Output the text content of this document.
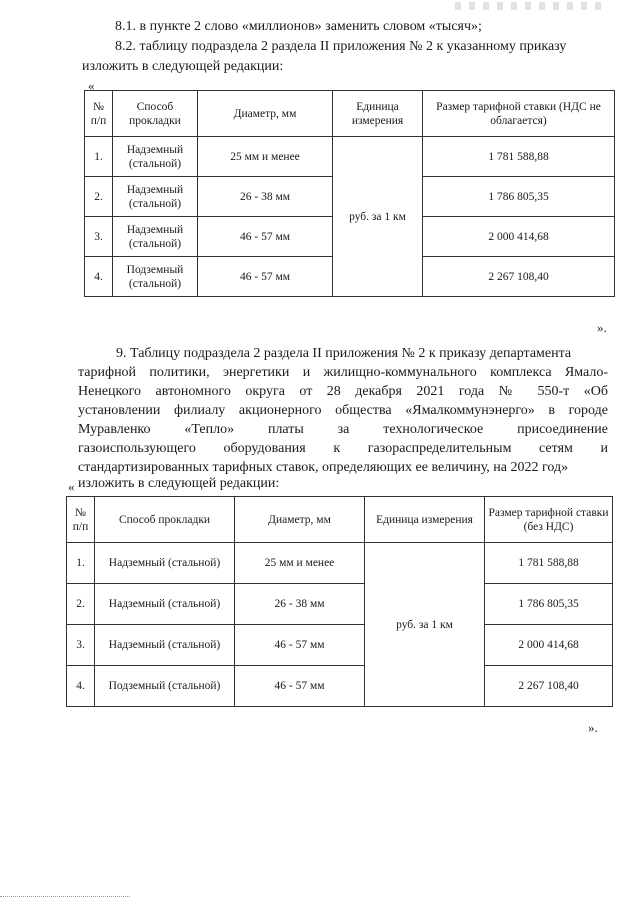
8.1. в пункте 2 слово «миллионов» заменить словом «тысяч»;
8.2. таблицу подраздела 2 раздела II приложения № 2 к указанному приказу
изложить в следующей редакции:
«
№ п/п	Способ прокладки	Диаметр, мм	Единица измерения	Размер тарифной ставки (НДС не облагается)
1.	Надземный (стальной)	25 мм и менее	руб. за 1 км	1 781 588,88
2.	Надземный (стальной)	26 - 38 мм		1 786 805,35
3.	Надземный (стальной)	46 - 57 мм		2 000 414,68
4.	Подземный (стальной)	46 - 57 мм		2 267 108,40
».
9. Таблицу подраздела 2 раздела II приложения № 2 к приказу департамента
тарифной политики, энергетики и жилищно-коммунального комплекса Ямало-
Ненецкого автономного округа от 28 декабря 2021 года № 550-т «Об
установлении филиалу акционерного общества «Ямалкоммунэнерго» в городе
Муравленко «Тепло» платы за технологическое присоединение
газоиспользующего оборудования к газораспределительным сетям и
стандартизированных тарифных ставок, определяющих ее величину, на 2022 год»
изложить в следующей редакции:
«
№ п/п	Способ прокладки	Диаметр, мм	Единица измерения	Размер тарифной ставки (без НДС)
1.	Надземный (стальной)	25 мм и менее	руб. за 1 км	1 781 588,88
2.	Надземный (стальной)	26 - 38 мм		1 786 805,35
3.	Надземный (стальной)	46 - 57 мм		2 000 414,68
4.	Подземный (стальной)	46 - 57 мм		2 267 108,40
».
